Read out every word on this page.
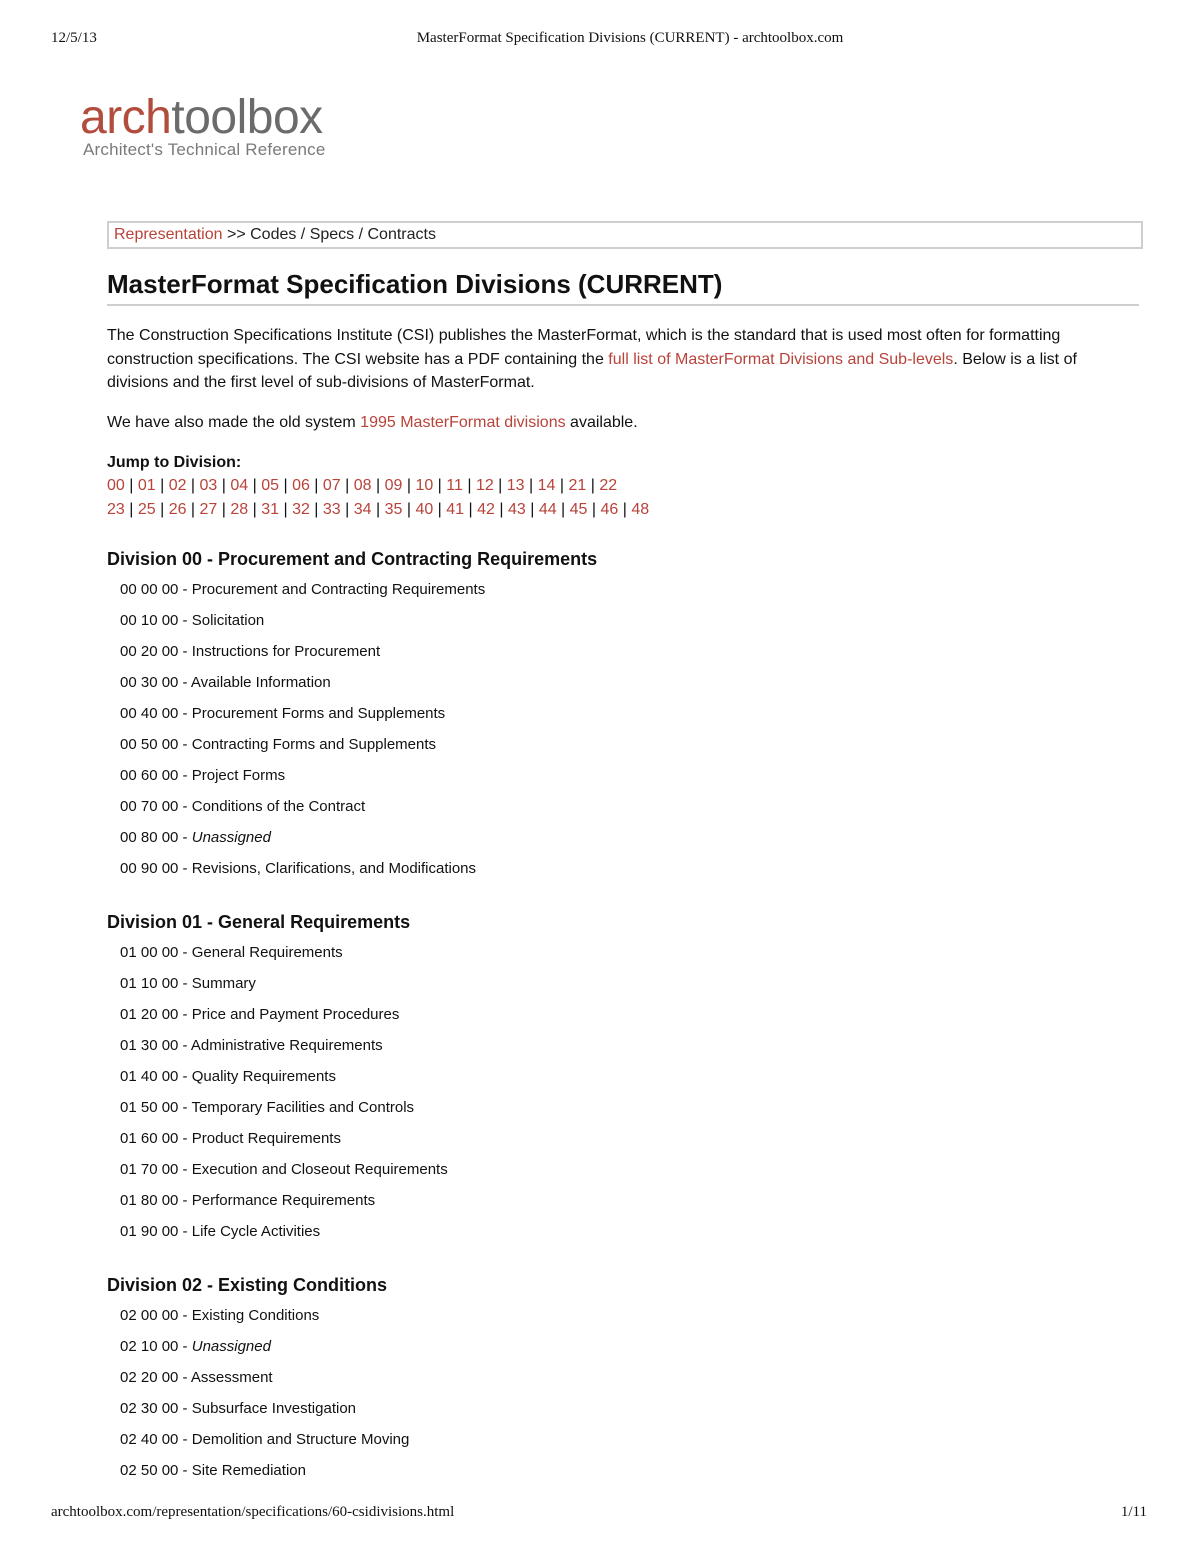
12/5/13	MasterFormat Specification Divisions (CURRENT) - archtoolbox.com
archtoolbox
Architect's Technical Reference
Representation >> Codes / Specs / Contracts
MasterFormat Specification Divisions (CURRENT)

The Construction Specifications Institute (CSI) publishes the MasterFormat, which is the standard that is used most often for formatting construction specifications. The CSI website has a PDF containing the full list of MasterFormat Divisions and Sub-levels. Below is a list of divisions and the first level of sub-divisions of MasterFormat.

We have also made the old system 1995 MasterFormat divisions available.

Jump to Division:
00 | 01 | 02 | 03 | 04 | 05 | 06 | 07 | 08 | 09 | 10 | 11 | 12 | 13 | 14 | 21 | 22
23 | 25 | 26 | 27 | 28 | 31 | 32 | 33 | 34 | 35 | 40 | 41 | 42 | 43 | 44 | 45 | 46 | 48
Division 00 - Procurement and Contracting Requirements
00 00 00 - Procurement and Contracting Requirements
00 10 00 - Solicitation
00 20 00 - Instructions for Procurement
00 30 00 - Available Information
00 40 00 - Procurement Forms and Supplements
00 50 00 - Contracting Forms and Supplements
00 60 00 - Project Forms
00 70 00 - Conditions of the Contract
00 80 00 - Unassigned
00 90 00 - Revisions, Clarifications, and Modifications
Division 01 - General Requirements
01 00 00 - General Requirements
01 10 00 - Summary
01 20 00 - Price and Payment Procedures
01 30 00 - Administrative Requirements
01 40 00 - Quality Requirements
01 50 00 - Temporary Facilities and Controls
01 60 00 - Product Requirements
01 70 00 - Execution and Closeout Requirements
01 80 00 - Performance Requirements
01 90 00 - Life Cycle Activities
Division 02 - Existing Conditions
02 00 00 - Existing Conditions
02 10 00 - Unassigned
02 20 00 - Assessment
02 30 00 - Subsurface Investigation
02 40 00 - Demolition and Structure Moving
02 50 00 - Site Remediation
archtoolbox.com/representation/specifications/60-csidivisions.html	1/11
